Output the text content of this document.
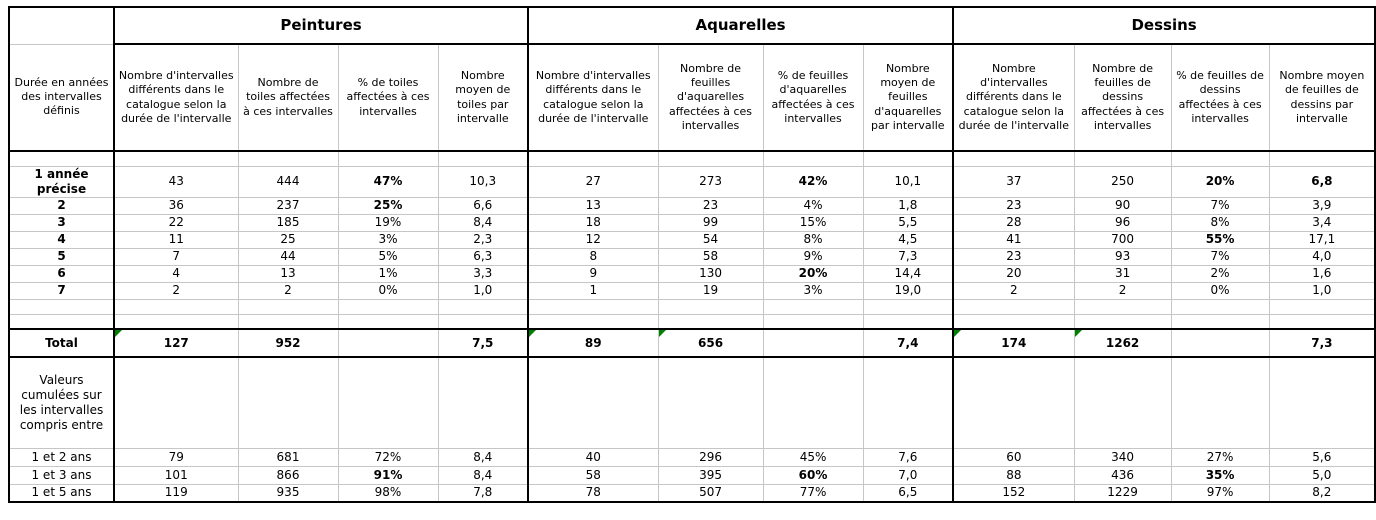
	Peintures				Aquarelles				Dessins			
Durée en années des intervalles définis	Nombre d'intervalles différents dans le catalogue selon la durée de l'intervalle	Nombre de toiles affectées à ces intervalles	% de toiles affectées à ces intervalles	Nombre moyen de toiles par intervalle	Nombre d'intervalles différents dans le catalogue selon la durée de l'intervalle	Nombre de feuilles d'aquarelles affectées à ces intervalles	% de feuilles d'aquarelles affectées à ces intervalles	Nombre moyen de feuilles d'aquarelles par intervalle	Nombre d'intervalles différents dans le catalogue selon la durée de l'intervalle	Nombre de feuilles de dessins affectées à ces intervalles	% de feuilles de dessins affectées à ces intervalles	Nombre moyen de feuilles de dessins par intervalle

1 année précise	43	444	47%	10,3	27	273	42%	10,1	37	250	20%	6,8
2	36	237	25%	6,6	13	23	4%	1,8	23	90	7%	3,9
3	22	185	19%	8,4	18	99	15%	5,5	28	96	8%	3,4
4	11	25	3%	2,3	12	54	8%	4,5	41	700	55%	17,1
5	7	44	5%	6,3	8	58	9%	7,3	23	93	7%	4,0
6	4	13	1%	3,3	9	130	20%	14,4	20	31	2%	1,6
7	2	2	0%	1,0	1	19	3%	19,0	2	2	0%	1,0

Total	127	952		7,5	89	656		7,4	174	1262		7,3
Valeurs cumulées sur les intervalles compris entre												
1 et 2 ans	79	681	72%	8,4	40	296	45%	7,6	60	340	27%	5,6
1 et 3 ans	101	866	91%	8,4	58	395	60%	7,0	88	436	35%	5,0
1 et 5 ans	119	935	98%	7,8	78	507	77%	6,5	152	1229	97%	8,2
